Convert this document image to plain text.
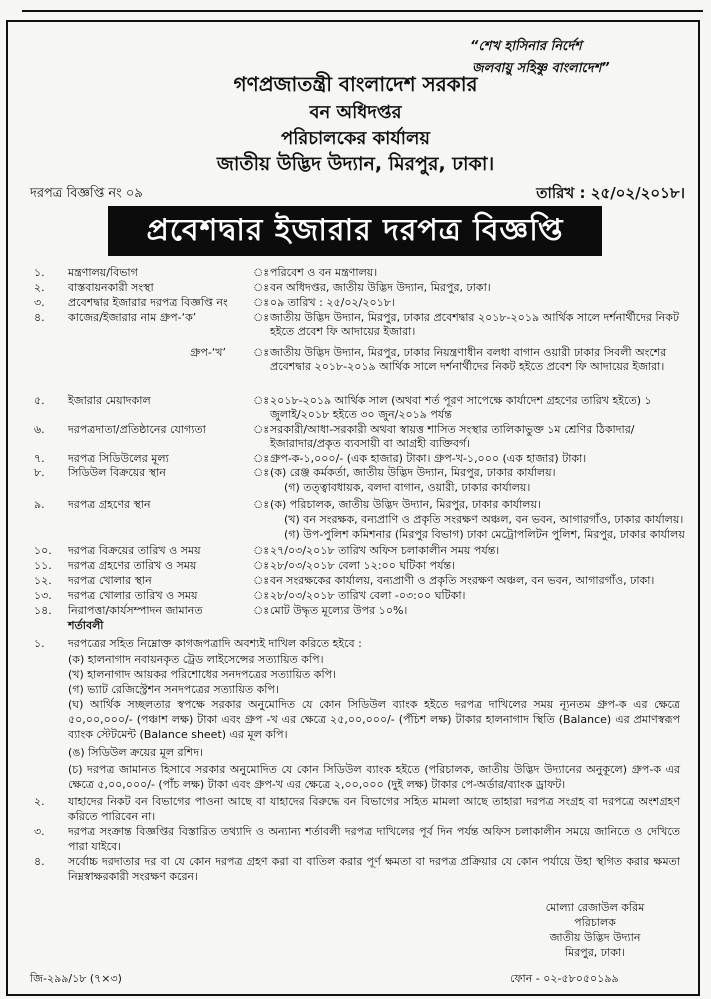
“শেখ হাসিনার নির্দেশ
জলবায়ু সহিষ্ণু বাংলাদেশ”
গণপ্রজাতন্ত্রী বাংলাদেশ সরকার
বন অধিদপ্তর
পরিচালকের কার্যালয়
জাতীয় উদ্ভিদ উদ্যান, মিরপুর, ঢাকা।
দরপত্র বিজ্ঞপ্তি নং ০৯	তারিখ : ২৫/০২/২০১৮।
প্রবেশদ্বার ইজারার দরপত্র বিজ্ঞপ্তি
১. মন্ত্রণালয়/বিভাগ	ঃ পরিবেশ ও বন মন্ত্রণালয়।
২. বাস্তবায়নকারী সংস্থা	ঃ বন অধিদপ্তর, জাতীয় উদ্ভিদ উদ্যান, মিরপুর, ঢাকা।
৩. প্রবেশদ্বার ইজারার দরপত্র বিজ্ঞপ্তি নং ঃ ০৯ তারিখ : ২৫/০২/২০১৮।
৪. কাজের/ইজারার নাম গ্রুপ-‘ক’	ঃ জাতীয় উদ্ভিদ উদ্যান, মিরপুর, ঢাকার প্রবেশদ্বার ২০১৮-২০১৯ আর্থিক সালে দর্শনার্থীদের নিকট হইতে প্রবেশ ফি আদায়ের ইজারা।
গ্রুপ-‘খ’ ঃ জাতীয় উদ্ভিদ উদ্যান, মিরপুর, ঢাকার নিয়ন্ত্রণাধীন বলধা বাগান ওয়ারী ঢাকার সিবলী অংশের প্রবেশদ্বার ২০১৮-২০১৯ আর্থিক সালে দর্শনার্থীদের নিকট হইতে প্রবেশ ফি আদায়ের ইজারা।
৫. ইজারার মেয়াদকাল	ঃ ২০১৮-২০১৯ আর্থিক সাল (অথবা শর্ত পূরণ সাপেক্ষে কার্যাদেশ গ্রহণের তারিখ হইতে) ১ জুলাই/২০১৮ হইতে ৩০ জুন/২০১৯ পর্যন্ত
৬. দরপত্রদাতা/প্রতিষ্ঠানের যোগ্যতা	ঃ সরকারী/আধা-সরকারী অথবা স্বায়ত্ত শাসিত সংস্থার তালিকাভুক্ত ১ম শ্রেণির ঠিকাদার/ইজারাদার/প্রকৃত ব্যবসায়ী বা আগ্রহী ব্যক্তিবর্গ।
৭. দরপত্র সিডিউলের মূল্য	ঃ গ্রুপ-ক-১,০০০/- (এক হাজার) টাকা। গ্রুপ-খ-১,০০০ (এক হাজার) টাকা।
৮. সিডিউল বিক্রয়ের স্থান	ঃ (ক) রেঞ্জ কর্মকর্তা, জাতীয় উদ্ভিদ উদ্যান, মিরপুর, ঢাকার কার্যালয়।
(গ) তত্ত্বাবধায়ক, বলদা বাগান, ওয়ারী, ঢাকার কার্যালয়।
৯. দরপত্র গ্রহণের স্থান	ঃ (ক) পরিচালক, জাতীয় উদ্ভিদ উদ্যান, মিরপুর, ঢাকার কার্যালয়।
(খ) বন সংরক্ষক, বন্যপ্রাণি ও প্রকৃতি সংরক্ষণ অঞ্চল, বন ভবন, আগারগাঁও, ঢাকার কার্যালয়।
(গ) উপ-পুলিশ কমিশনার (মিরপুর বিভাগ) ঢাকা মেট্রোপলিটন পুলিশ, মিরপুর, ঢাকার কার্যালয়
১০. দরপত্র বিক্রয়ের তারিখ ও সময়	ঃ ২৭/০৩/২০১৮ তারিখ অফিস চলাকালীন সময় পর্যন্ত।
১১. দরপত্র গ্রহণের তারিখ ও সময়	ঃ ২৮/০৩/২০১৮ বেলা ১২:০০ ঘটিকা পর্যন্ত।
১২. দরপত্র খোলার স্থান	ঃ বন সংরক্ষকের কার্যালয়, বন্যপ্রাণী ও প্রকৃতি সংরক্ষণ অঞ্চল, বন ভবন, আগারগাঁও, ঢাকা।
১৩. দরপত্র খোলার তারিখ ও সময়	ঃ ২৮/০৩/২০১৮ তারিখ বেলা -০৩:০০ ঘটিকা।
১৪. নিরাপত্তা/কার্যসম্পাদন জামানত	ঃ মোট উদ্ধৃত মূল্যের উপর ১০%।
শর্তাবলী
১. দরপত্রের সহিত নিম্নোক্ত কাগজপত্রাদি অবশ্যই দাখিল করিতে হইবে :
(ক) হালনাগাদ নবায়নকৃত ট্রেড লাইসেন্সের সত্যায়িত কপি।
(খ) হালনাগাদ আয়কর পরিশোধের সনদপত্রের সত্যায়িত কপি।
(গ) ভ্যাট রেজিস্ট্রেশন সনদপত্রের সত্যায়িত কপি।
(ঘ) আর্থিক সচ্ছলতার স্বপক্ষে সরকার অনুমোদিত যে কোন সিডিউল ব্যাংক হইতে দরপত্র দাখিলের সময় ন্যূনতম গ্রুপ-ক এর ক্ষেত্রে ৫০,০০,০০০/- (পঞ্চাশ লক্ষ) টাকা এবং গ্রুপ -খ এর ক্ষেত্রে ২৫,০০,০০০/- (পঁচিশ লক্ষ) টাকার হালনাগাদ স্থিতি (Balance) এর প্রমাণস্বরূপ ব্যাংক স্টেটমেন্ট (Balance sheet) এর মূল কপি।
(ঙ) সিডিউল ক্রয়ের মূল রশিদ।
(চ) দরপত্র জামানত হিসাবে সরকার অনুমোদিত যে কোন সিডিউল ব্যাংক হইতে (পরিচালক, জাতীয় উদ্ভিদ উদ্যানের অনুকূলে) গ্রুপ-ক এর ক্ষেত্রে ৫,০০,০০০/- (পাঁচ লক্ষ) টাকা এবং গ্রুপ-খ এর ক্ষেত্রে ২,০০,০০০ (দুই লক্ষ) টাকার পে-অর্ডার/ব্যাংক ড্রাফট।
২. যাহাদের নিকট বন বিভাগের পাওনা আছে বা যাহাদের বিরুদ্ধে বন বিভাগের সহিত মামলা আছে তাহারা দরপত্র সংগ্রহ বা দরপত্রে অংশগ্রহণ করিতে পারিবেন না।
৩. দরপত্র সংক্রান্ত বিজ্ঞপ্তির বিস্তারিত তথ্যাদি ও অন্যান্য শর্তাবলী দরপত্র দাখিলের পূর্ব দিন পর্যন্ত অফিস চলাকালীন সময়ে জানিতে ও দেখিতে পারা যাইবে।
৪. সর্বোচ্চ দরদাতার দর বা যে কোন দরপত্র গ্রহণ করা বা বাতিল করার পূর্ণ ক্ষমতা বা দরপত্র প্রক্রিয়ার যে কোন পর্যায়ে উহা স্থগিত করার ক্ষমতা নিম্নস্বাক্ষরকারী সংরক্ষণ করেন।
মোল্যা রেজাউল করিম
পরিচালক
জাতীয় উদ্ভিদ উদ্যান
মিরপুর, ঢাকা।
জি-২৯৯/১৮ (৭×৩)	ফোন - ০২-৫৮০৫০১৯৯
